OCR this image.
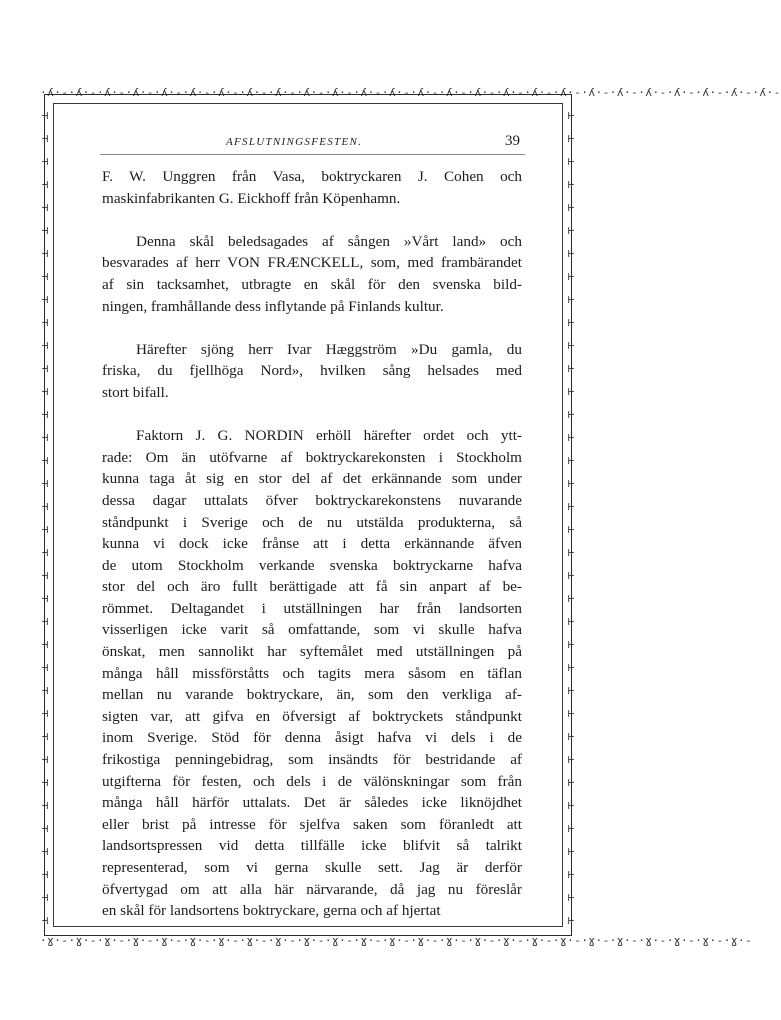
·ʎ·-·ʎ·-·ʎ·-·ʎ·-·ʎ·-·ʎ·-·ʎ·-·ʎ·-·ʎ·-·ʎ·-·ʎ·-·ʎ·-·ʎ·-·ʎ·-·ʎ·-·ʎ·-·ʎ·-·ʎ·-·ʎ·-·ʎ·-·ʎ·-·ʎ·-·ʎ·-·ʎ·-·ʎ·-·ʎ·-
·ɣ·-·ɣ·-·ɣ·-·ɣ·-·ɣ·-·ɣ·-·ɣ·-·ɣ·-·ɣ·-·ɣ·-·ɣ·-·ɣ·-·ɣ·-·ɣ·-·ɣ·-·ɣ·-·ɣ·-·ɣ·-·ɣ·-·ɣ·-·ɣ·-·ɣ·-·ɣ·-·ɣ·-·ɣ·-
⊣
⊣
⊣
⊣
⊣
⊣
⊣
⊣
⊣
⊣
⊣
⊣
⊣
⊣
⊣
⊣
⊣
⊣
⊣
⊣
⊣
⊣
⊣
⊣
⊣
⊣
⊣
⊣
⊣
⊣
⊣
⊣
⊣
⊣
⊣
⊣
⊢
⊢
⊢
⊢
⊢
⊢
⊢
⊢
⊢
⊢
⊢
⊢
⊢
⊢
⊢
⊢
⊢
⊢
⊢
⊢
⊢
⊢
⊢
⊢
⊢
⊢
⊢
⊢
⊢
⊢
⊢
⊢
⊢
⊢
⊢
⊢
AFSLUTNINGSFESTEN.	39

F. W. Unggren från Vasa, boktryckaren J. Cohen och
maskinfabrikanten G. Eickhoff från Köpenhamn.

Denna skål beledsagades af sången »Vårt land» och
besvarades af herr VON FRÆNCKELL, som, med frambärandet
af sin tacksamhet, utbragte en skål för den svenska bild-
ningen, framhållande dess inflytande på Finlands kultur.

Härefter sjöng herr Ivar Hæggström »Du gamla, du
friska, du fjellhöga Nord», hvilken sång helsades med
stort bifall.

Faktorn J. G. NORDIN erhöll härefter ordet och ytt-
rade: Om än utöfvarne af boktryckarekonsten i Stockholm
kunna taga åt sig en stor del af det erkännande som under
dessa dagar uttalats öfver boktryckarekonstens nuvarande
ståndpunkt i Sverige och de nu utstälda produkterna, så
kunna vi dock icke frånse att i detta erkännande äfven
de utom Stockholm verkande svenska boktryckarne hafva
stor del och äro fullt berättigade att få sin anpart af be-
römmet. Deltagandet i utställningen har från landsorten
visserligen icke varit så omfattande, som vi skulle hafva
önskat, men sannolikt har syftemålet med utställningen på
många håll missförståtts och tagits mera såsom en täflan
mellan nu varande boktryckare, än, som den verkliga af-
sigten var, att gifva en öfversigt af boktryckets ståndpunkt
inom Sverige. Stöd för denna åsigt hafva vi dels i de
frikostiga penningebidrag, som insändts för bestridande af
utgifterna för festen, och dels i de välönskningar som från
många håll härför uttalats. Det är således icke liknöjdhet
eller brist på intresse för sjelfva saken som föranledt att
landsortspressen vid detta tillfälle icke blifvit så talrikt
representerad, som vi gerna skulle sett. Jag är derför
öfvertygad om att alla här närvarande, då jag nu föreslår
en skål för landsortens boktryckare, gerna och af hjertat
